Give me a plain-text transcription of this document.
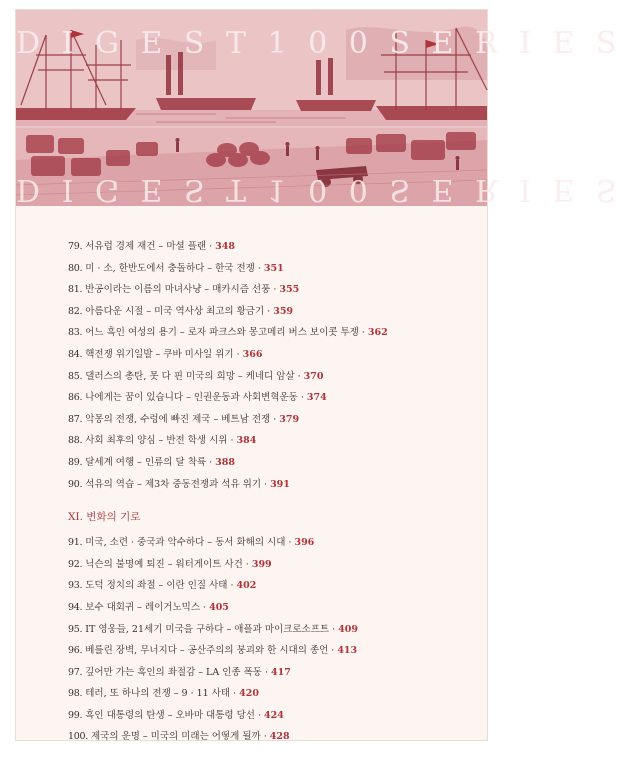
D I G E S T 1 0 0 S E R I E S
D I G E S T 1 0 0 S E R I E S
79. 서유럽 경제 재건 – 마셜 플랜 · 348
80. 미 · 소, 한반도에서 충돌하다 – 한국 전쟁 · 351
81. 반공이라는 이름의 마녀사냥 – 매카시즘 선풍 · 355
82. 아름다운 시절 – 미국 역사상 최고의 황금기 · 359
83. 어느 흑인 여성의 용기 – 로자 파크스와 몽고메리 버스 보이콧 투쟁 · 362
84. 핵전쟁 위기일발 – 쿠바 미사일 위기 · 366
85. 댈러스의 총탄, 못 다 핀 미국의 희망 – 케네디 암살 · 370
86. 나에게는 꿈이 있습니다 – 인권운동과 사회변혁운동 · 374
87. 악몽의 전쟁, 수렁에 빠진 제국 – 베트남 전쟁 · 379
88. 사회 최후의 양심 – 반전 학생 시위 · 384
89. 달세계 여행 – 인류의 달 착륙 · 388
90. 석유의 역습 – 제3차 중동전쟁과 석유 위기 · 391
XI. 변화의 기로
91. 미국, 소련 · 중국과 악수하다 – 동서 화해의 시대 · 396
92. 닉슨의 불명예 퇴진 – 워터게이트 사건 · 399
93. 도덕 정치의 좌절 – 이란 인질 사태 · 402
94. 보수 대회귀 – 레이거노믹스 · 405
95. IT 영웅들, 21세기 미국을 구하다 – 애플과 마이크로소프트 · 409
96. 베를린 장벽, 무너지다 – 공산주의의 붕괴와 한 시대의 종언 · 413
97. 깊어만 가는 흑인의 좌절감 – LA 인종 폭동 · 417
98. 테러, 또 하나의 전쟁 – 9 · 11 사태 · 420
99. 흑인 대통령의 탄생 – 오바마 대통령 당선 · 424
100. 제국의 운명 – 미국의 미래는 어떻게 될까 · 428
